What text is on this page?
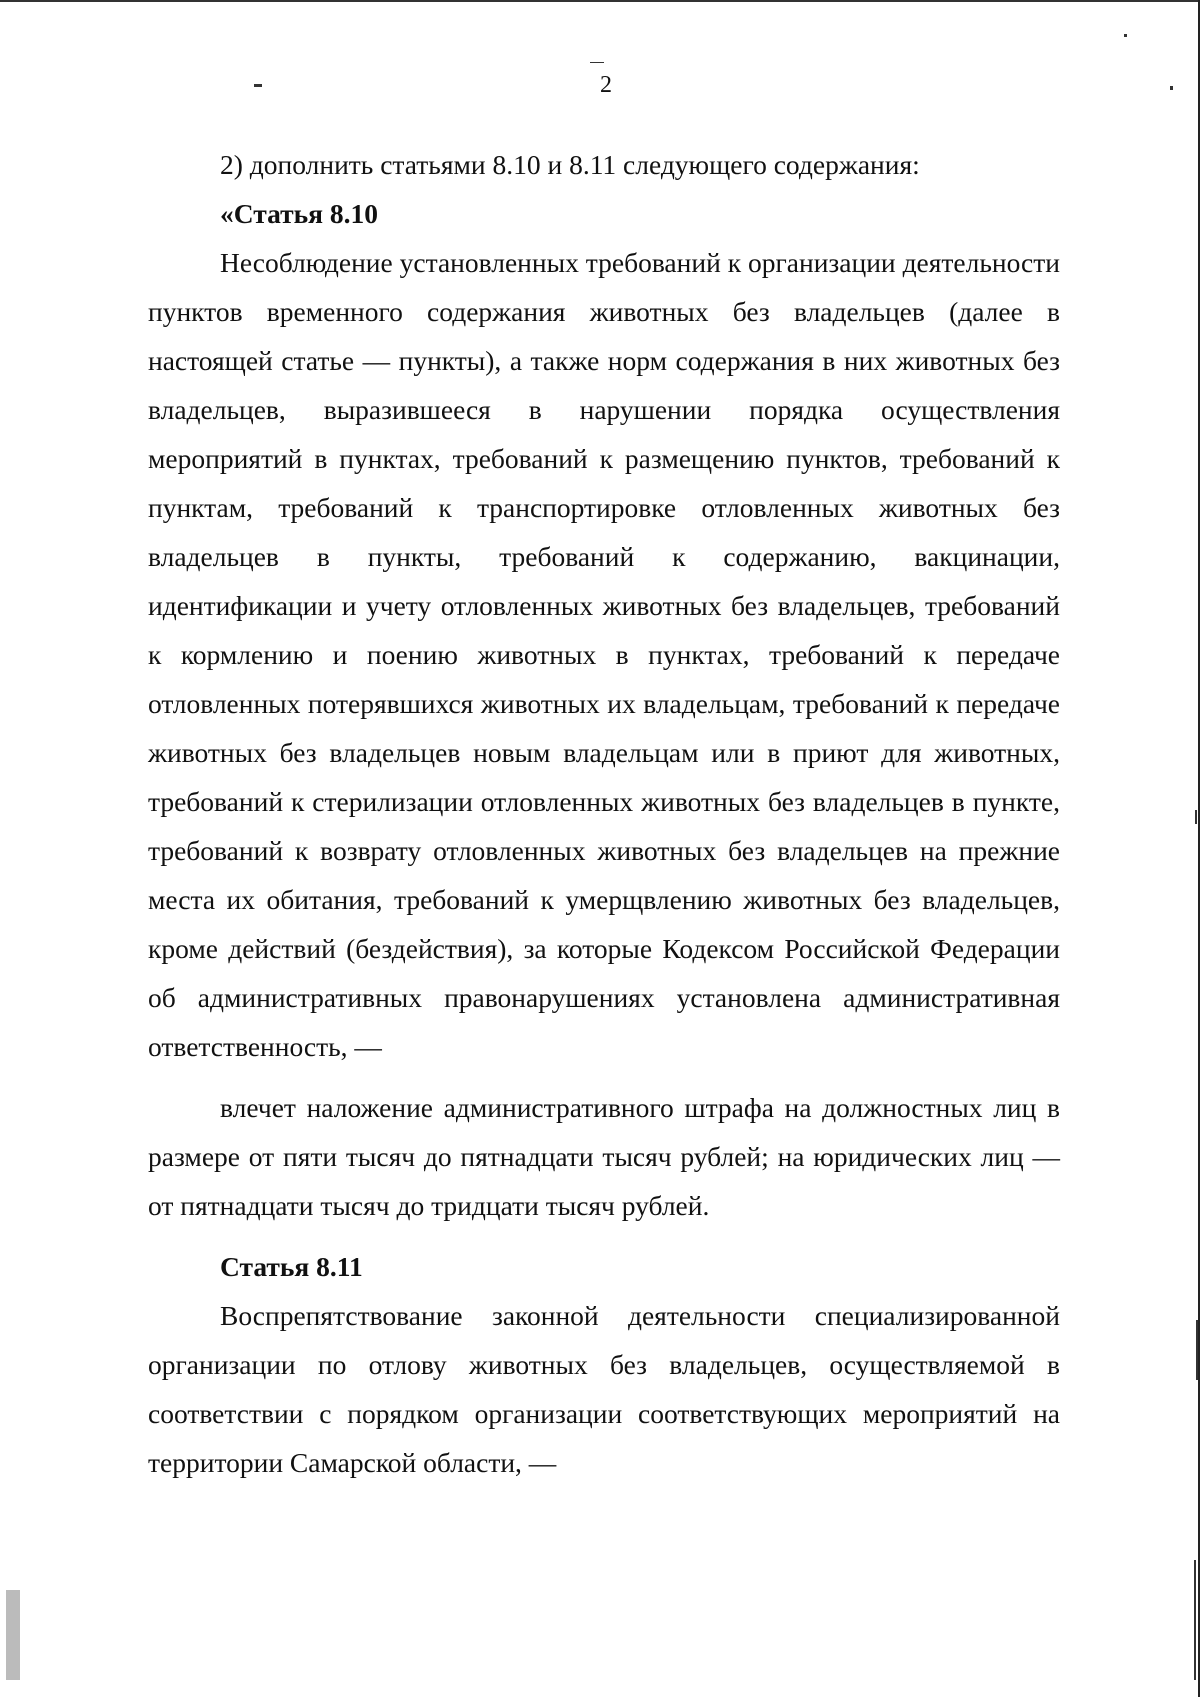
2

2) дополнить статьями 8.10 и 8.11 следующего содержания:

«Статья 8.10

Несоблюдение установленных требований к организации деятельности пунктов временного содержания животных без владельцев (далее в настоящей статье — пункты), а также норм содержания в них животных без владельцев, выразившееся в нарушении порядка осуществления мероприятий в пунктах, требований к размещению пунктов, требований к пунктам, требований к транспортировке отловленных животных без владельцев в пункты, требований к содержанию, вакцинации, идентификации и учету отловленных животных без владельцев, требований к кормлению и поению животных в пунктах, требований к передаче отловленных потерявшихся животных их владельцам, требований к передаче животных без владельцев новым владельцам или в приют для животных, требований к стерилизации отловленных животных без владельцев в пункте, требований к возврату отловленных животных без владельцев на прежние места их обитания, требований к умерщвлению животных без владельцев, кроме действий (бездействия), за которые Кодексом Российской Федерации об административных правонарушениях установлена административная ответственность, —

влечет наложение административного штрафа на должностных лиц в размере от пяти тысяч до пятнадцати тысяч рублей; на юридических лиц — от пятнадцати тысяч до тридцати тысяч рублей.

Статья 8.11

Воспрепятствование законной деятельности специализированной организации по отлову животных без владельцев, осуществляемой в соответствии с порядком организации соответствующих мероприятий на территории Самарской области, —
